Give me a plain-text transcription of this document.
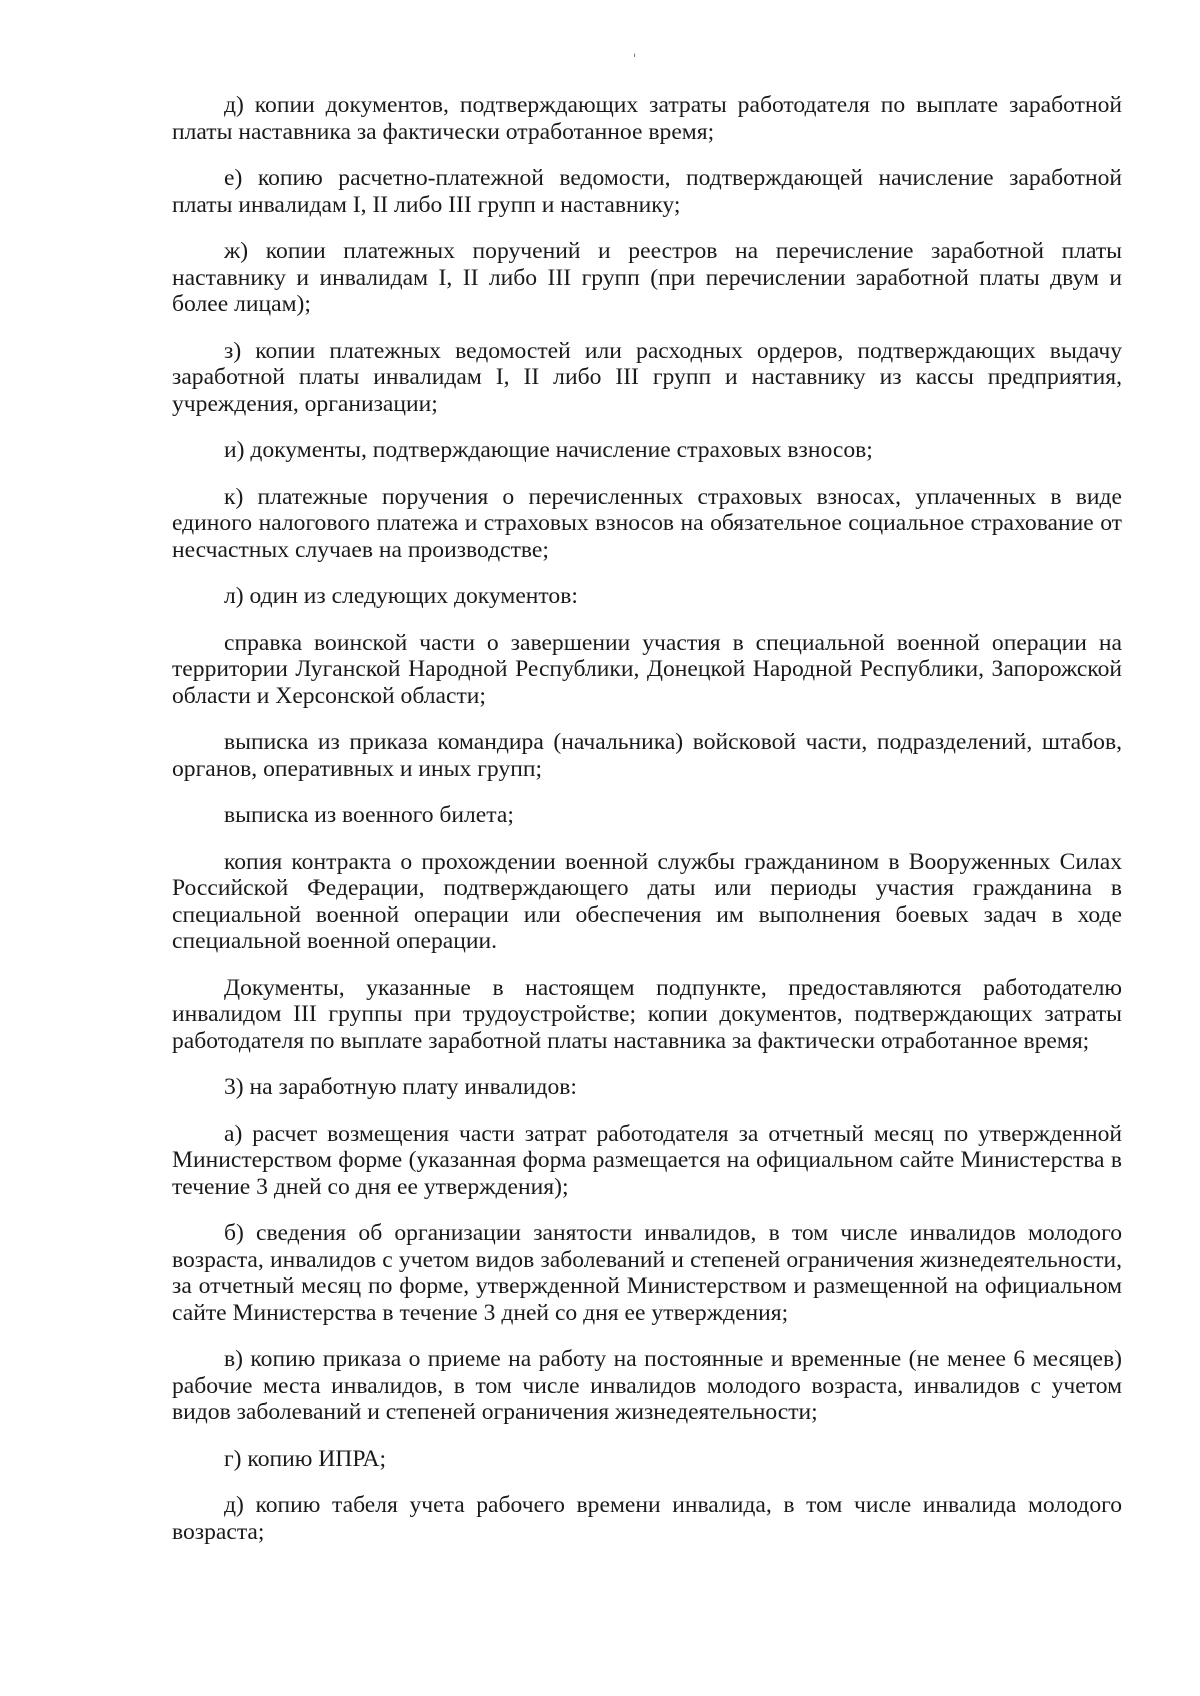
ˈ

д) копии документов, подтверждающих затраты работодателя по выплате заработной платы наставника за фактически отработанное время;

е) копию расчетно-платежной ведомости, подтверждающей начисление заработной платы инвалидам I, II либо III групп и наставнику;

ж) копии платежных поручений и реестров на перечисление заработной платы наставнику и инвалидам I, II либо III групп (при перечислении заработной платы двум и более лицам);

з) копии платежных ведомостей или расходных ордеров, подтверждающих выдачу заработной платы инвалидам I, II либо III групп и наставнику из кассы предприятия, учреждения, организации;

и) документы, подтверждающие начисление страховых взносов;

к) платежные поручения о перечисленных страховых взносах, уплаченных в виде единого налогового платежа и страховых взносов на обязательное социальное страхование от несчастных случаев на производстве;

л) один из следующих документов:

справка воинской части о завершении участия в специальной военной операции на территории Луганской Народной Республики, Донецкой Народной Республики, Запорожской области и Херсонской области;

выписка из приказа командира (начальника) войсковой части, подразделений, штабов, органов, оперативных и иных групп;

выписка из военного билета;

копия контракта о прохождении военной службы гражданином в Вооруженных Силах Российской Федерации, подтверждающего даты или периоды участия гражданина в специальной военной операции или обеспечения им выполнения боевых задач в ходе специальной военной операции.

Документы, указанные в настоящем подпункте, предоставляются работодателю инвалидом III группы при трудоустройстве; копии документов, подтверждающих затраты работодателя по выплате заработной платы наставника за фактически отработанное время;

3) на заработную плату инвалидов:

а) расчет возмещения части затрат работодателя за отчетный месяц по утвержденной Министерством форме (указанная форма размещается на официальном сайте Министерства в течение 3 дней со дня ее утверждения);

б) сведения об организации занятости инвалидов, в том числе инвалидов молодого возраста, инвалидов с учетом видов заболеваний и степеней ограничения жизнедеятельности, за отчетный месяц по форме, утвержденной Министерством и размещенной на официальном сайте Министерства в течение 3 дней со дня ее утверждения;

в) копию приказа о приеме на работу на постоянные и временные (не менее 6 месяцев) рабочие места инвалидов, в том числе инвалидов молодого возраста, инвалидов с учетом видов заболеваний и степеней ограничения жизнедеятельности;

г) копию ИПРА;

д) копию табеля учета рабочего времени инвалида, в том числе инвалида молодого возраста;
